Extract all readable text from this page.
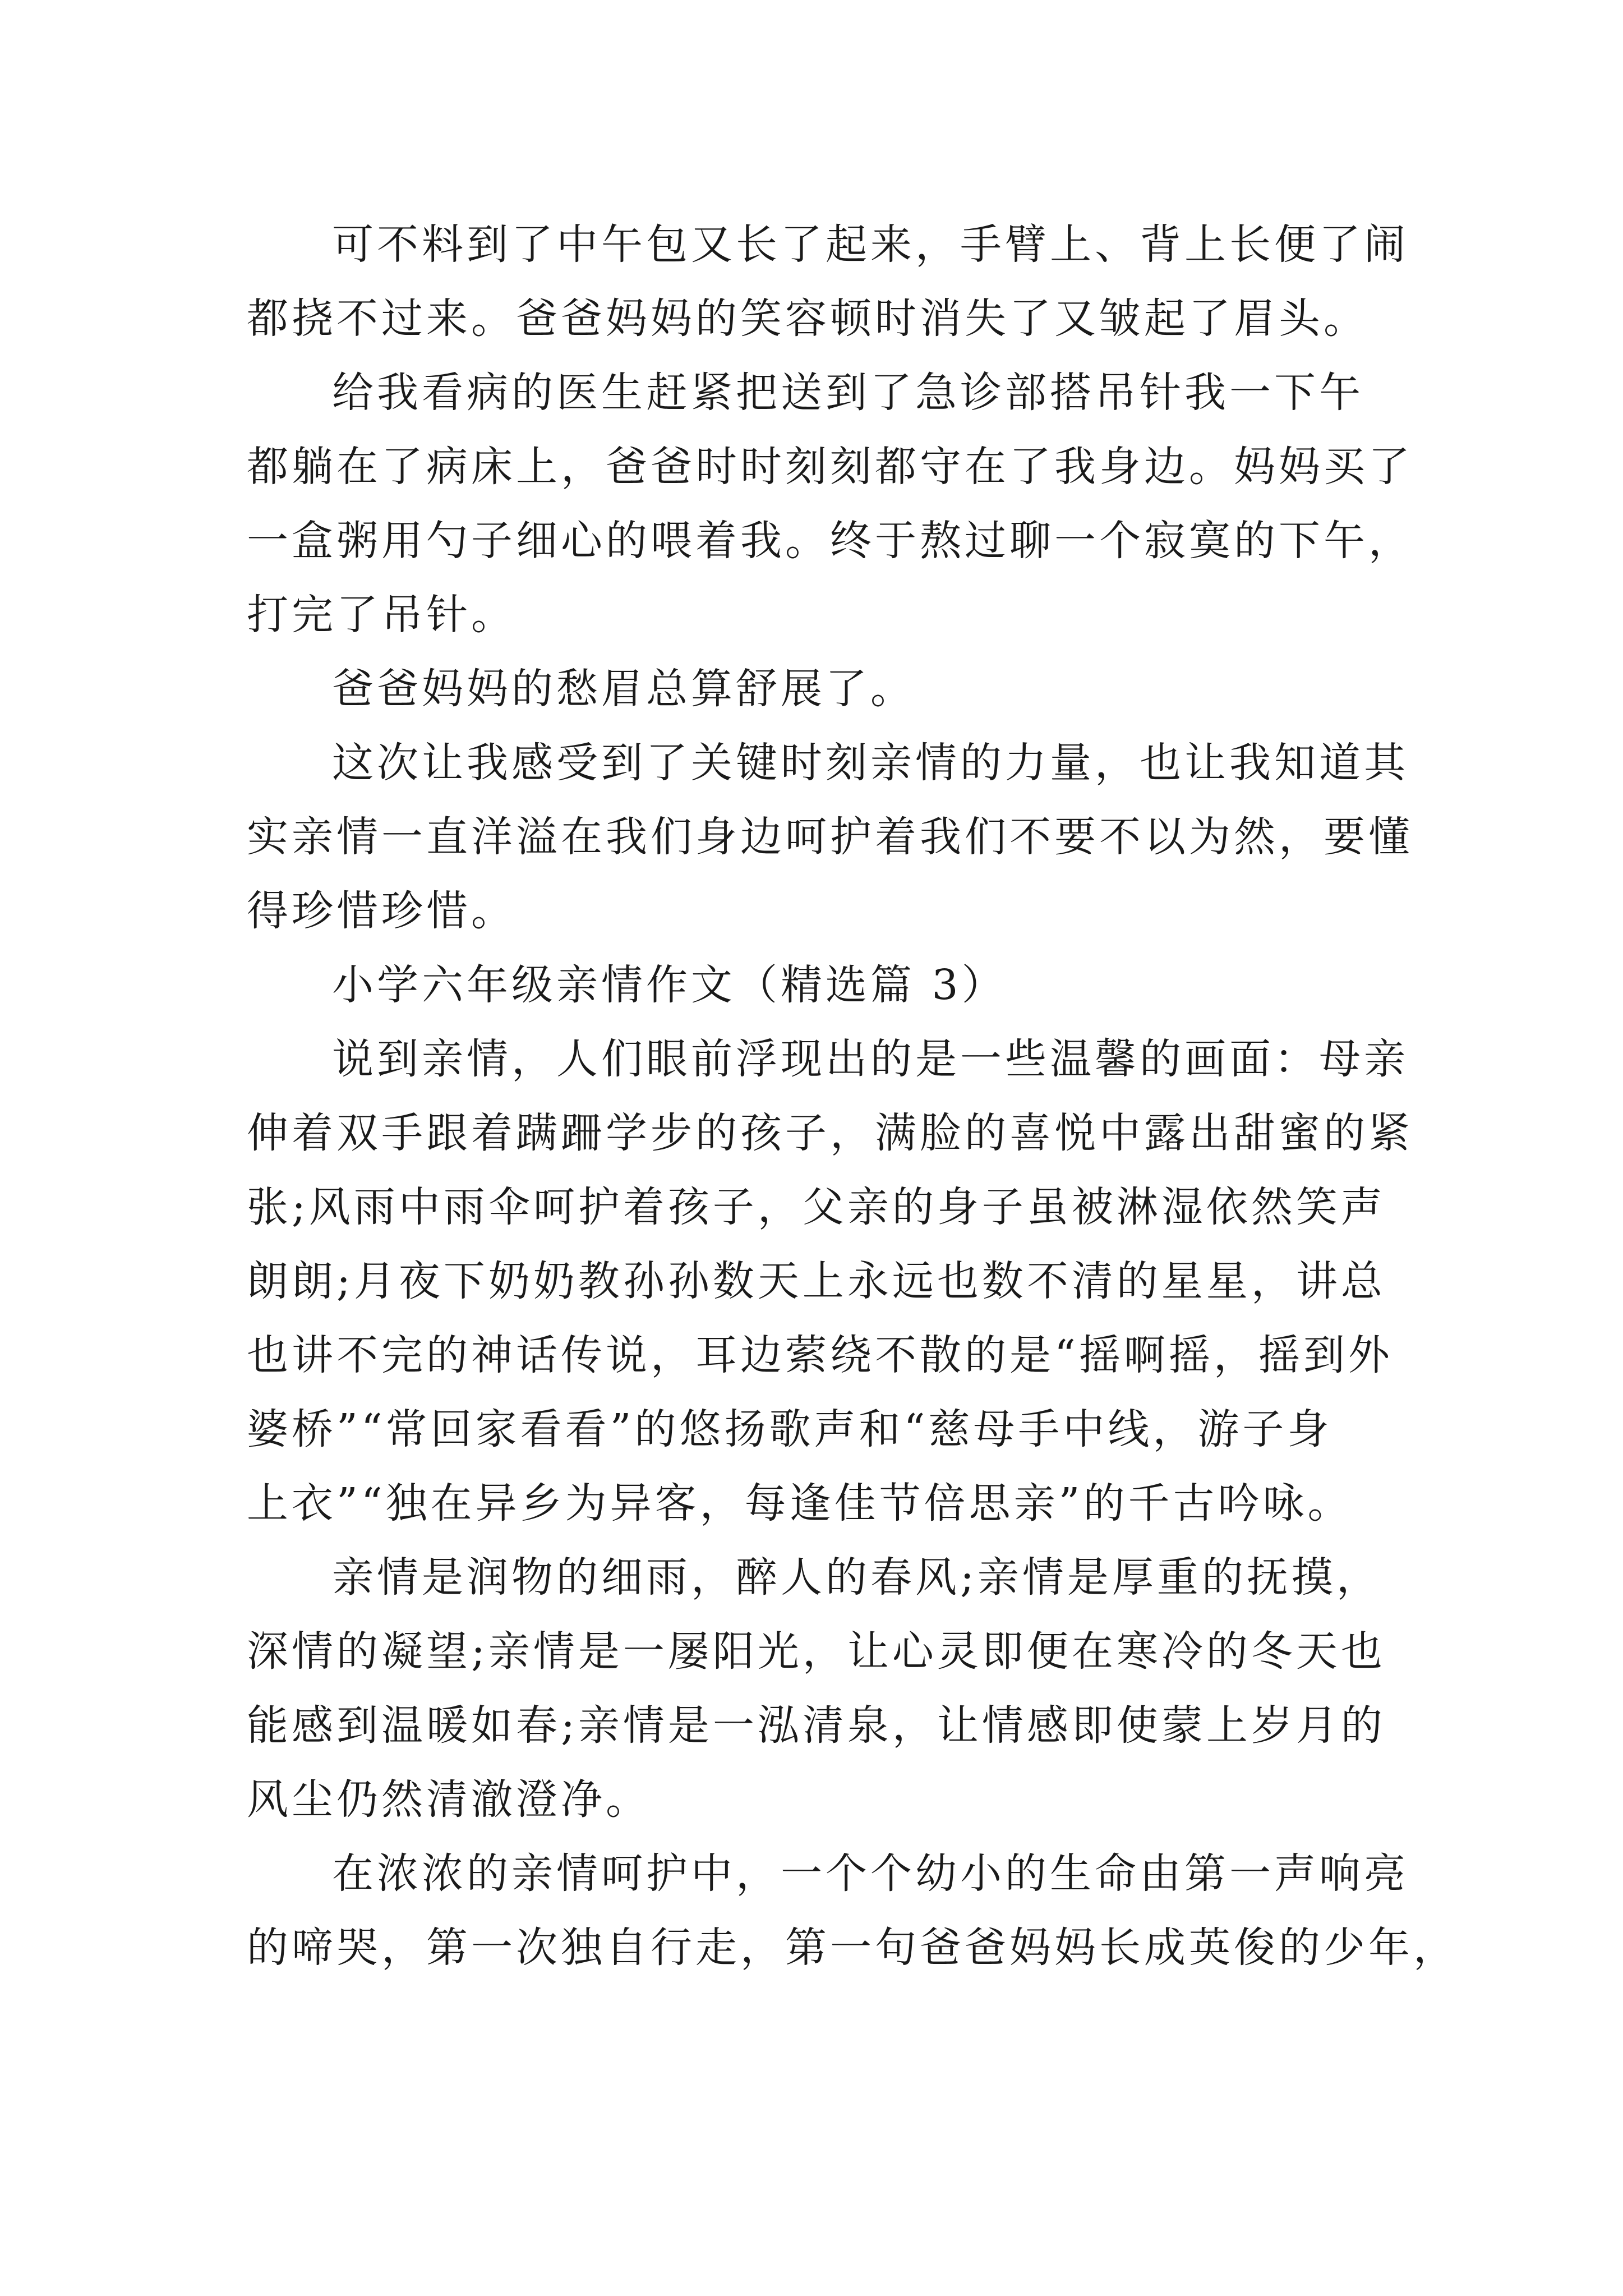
可不料到了中午包又长了起来，手臂上、背上长便了闹
都挠不过来。爸爸妈妈的笑容顿时消失了又皱起了眉头。
给我看病的医生赶紧把送到了急诊部搭吊针我一下午
都躺在了病床上，爸爸时时刻刻都守在了我身边。妈妈买了
一盒粥用勺子细心的喂着我。终于熬过聊一个寂寞的下午，
打完了吊针。
爸爸妈妈的愁眉总算舒展了。
这次让我感受到了关键时刻亲情的力量，也让我知道其
实亲情一直洋溢在我们身边呵护着我们不要不以为然，要懂
得珍惜珍惜。
小学六年级亲情作文（精选篇 3）
说到亲情，人们眼前浮现出的是一些温馨的画面：母亲
伸着双手跟着蹒跚学步的孩子，满脸的喜悦中露出甜蜜的紧
张;风雨中雨伞呵护着孩子，父亲的身子虽被淋湿依然笑声
朗朗;月夜下奶奶教孙孙数天上永远也数不清的星星，讲总
也讲不完的神话传说，耳边萦绕不散的是“摇啊摇，摇到外
婆桥”“常回家看看”的悠扬歌声和“慈母手中线，游子身
上衣”“独在异乡为异客，每逢佳节倍思亲”的千古吟咏。
亲情是润物的细雨，醉人的春风;亲情是厚重的抚摸，
深情的凝望;亲情是一屡阳光，让心灵即便在寒冷的冬天也
能感到温暖如春;亲情是一泓清泉，让情感即使蒙上岁月的
风尘仍然清澈澄净。
在浓浓的亲情呵护中，一个个幼小的生命由第一声响亮
的啼哭，第一次独自行走，第一句爸爸妈妈长成英俊的少年，
